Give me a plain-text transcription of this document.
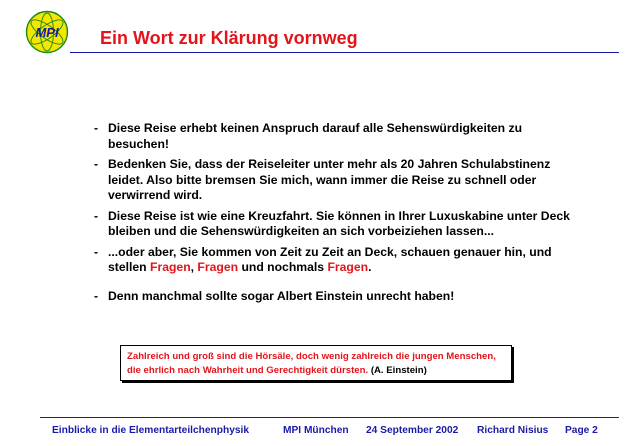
MPI Ein Wort zur Klärung vornweg
- Diese Reise erhebt keinen Anspruch darauf alle Sehenswürdigkeiten zu besuchen!
- Bedenken Sie, dass der Reiseleiter unter mehr als 20 Jahren Schulabstinenz leidet. Also bitte bremsen Sie mich, wann immer die Reise zu schnell oder verwirrend wird.
- Diese Reise ist wie eine Kreuzfahrt. Sie können in Ihrer Luxuskabine unter Deck bleiben und die Sehenswürdigkeiten an sich vorbeiziehen lassen...
- ...oder aber, Sie kommen von Zeit zu Zeit an Deck, schauen genauer hin, und stellen Fragen, Fragen und nochmals Fragen.
- Denn manchmal sollte sogar Albert Einstein unrecht haben!
Zahlreich und groß sind die Hörsäle, doch wenig zahlreich die jungen Menschen, die ehrlich nach Wahrheit und Gerechtigkeit dürsten. (A. Einstein)
Einblicke in die Elementarteilchenphysik	MPI München 24 September 2002 Richard Nisius Page 2
